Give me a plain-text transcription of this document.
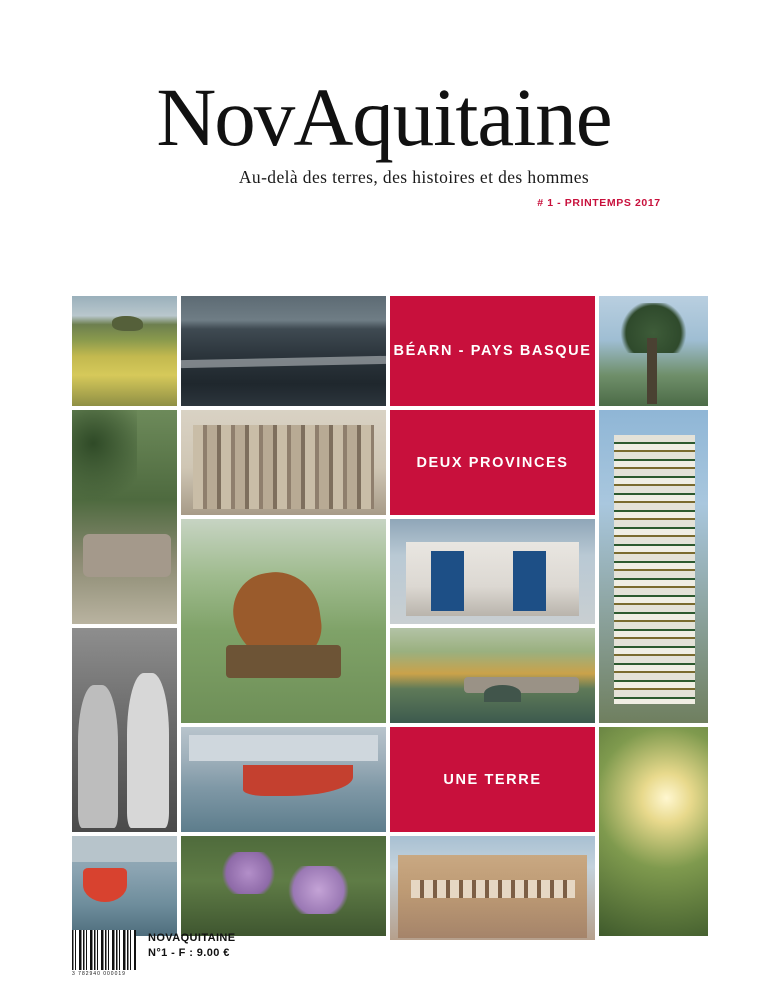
NovAquitaine
Au-delà des terres, des histoires et des hommes
# 1 - PRINTEMPS 2017
BÉARN - PAYS BASQUE
DEUX PROVINCES
UNE TERRE
3 782940 000019
NOVAQUITAINE
N°1 - F : 9.00 €
